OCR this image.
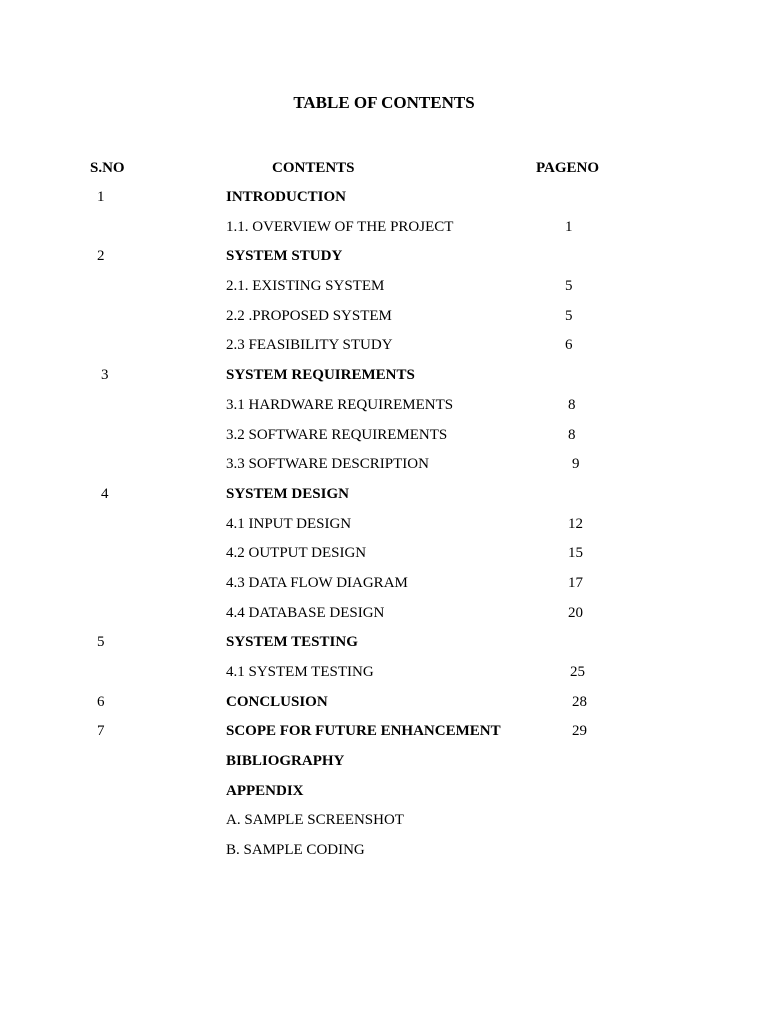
TABLE OF CONTENTS
S.NO	CONTENTS	PAGENO
1	INTRODUCTION
1.1. OVERVIEW OF THE PROJECT	1
2	SYSTEM STUDY
2.1. EXISTING SYSTEM	5
2.2 .PROPOSED SYSTEM	5
2.3 FEASIBILITY STUDY	6
3	SYSTEM REQUIREMENTS
3.1 HARDWARE REQUIREMENTS	8
3.2 SOFTWARE REQUIREMENTS	8
3.3 SOFTWARE DESCRIPTION	9
4	SYSTEM DESIGN
4.1 INPUT DESIGN	12
4.2 OUTPUT DESIGN	15
4.3 DATA FLOW DIAGRAM	17
4.4 DATABASE DESIGN	20
5	SYSTEM TESTING
4.1 SYSTEM TESTING	25
6	CONCLUSION	28
7	SCOPE FOR FUTURE ENHANCEMENT	29
BIBLIOGRAPHY
APPENDIX
A. SAMPLE SCREENSHOT
B. SAMPLE CODING
